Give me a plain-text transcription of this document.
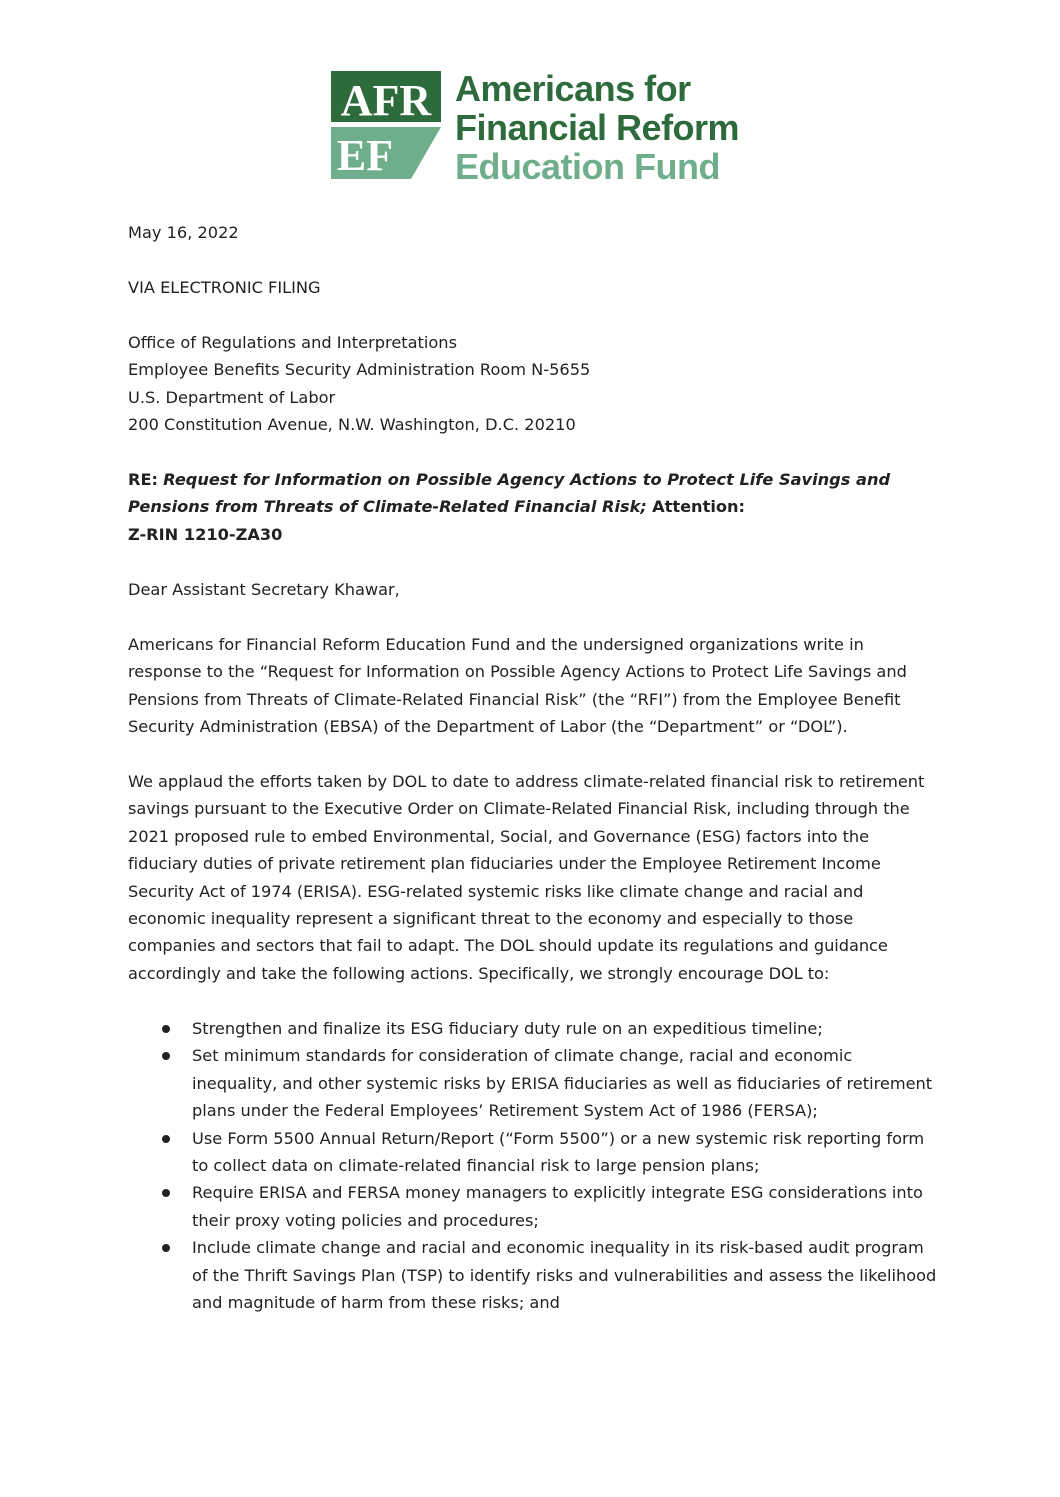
AFR
EF
Americans for
Financial Reform
Education Fund

May 16, 2022

VIA ELECTRONIC FILING

Office of Regulations and Interpretations
Employee Benefits Security Administration Room N-5655
U.S. Department of Labor
200 Constitution Avenue, N.W. Washington, D.C. 20210

RE: Request for Information on Possible Agency Actions to Protect Life Savings and Pensions from Threats of Climate-Related Financial Risk; Attention:
Z-RIN 1210-ZA30

Dear Assistant Secretary Khawar,

Americans for Financial Reform Education Fund and the undersigned organizations write in response to the “Request for Information on Possible Agency Actions to Protect Life Savings and Pensions from Threats of Climate-Related Financial Risk” (the “RFI”) from the Employee Benefit Security Administration (EBSA) of the Department of Labor (the “Department” or “DOL”).

We applaud the efforts taken by DOL to date to address climate-related financial risk to retirement savings pursuant to the Executive Order on Climate-Related Financial Risk, including through the 2021 proposed rule to embed Environmental, Social, and Governance (ESG) factors into the fiduciary duties of private retirement plan fiduciaries under the Employee Retirement Income Security Act of 1974 (ERISA). ESG-related systemic risks like climate change and racial and economic inequality represent a significant threat to the economy and especially to those companies and sectors that fail to adapt. The DOL should update its regulations and guidance accordingly and take the following actions. Specifically, we strongly encourage DOL to:

Strengthen and finalize its ESG fiduciary duty rule on an expeditious timeline;
Set minimum standards for consideration of climate change, racial and economic inequality, and other systemic risks by ERISA fiduciaries as well as fiduciaries of retirement plans under the Federal Employees’ Retirement System Act of 1986 (FERSA);
Use Form 5500 Annual Return/Report (“Form 5500”) or a new systemic risk reporting form to collect data on climate-related financial risk to large pension plans;
Require ERISA and FERSA money managers to explicitly integrate ESG considerations into their proxy voting policies and procedures;
Include climate change and racial and economic inequality in its risk-based audit program of the Thrift Savings Plan (TSP) to identify risks and vulnerabilities and assess the likelihood and magnitude of harm from these risks; and
